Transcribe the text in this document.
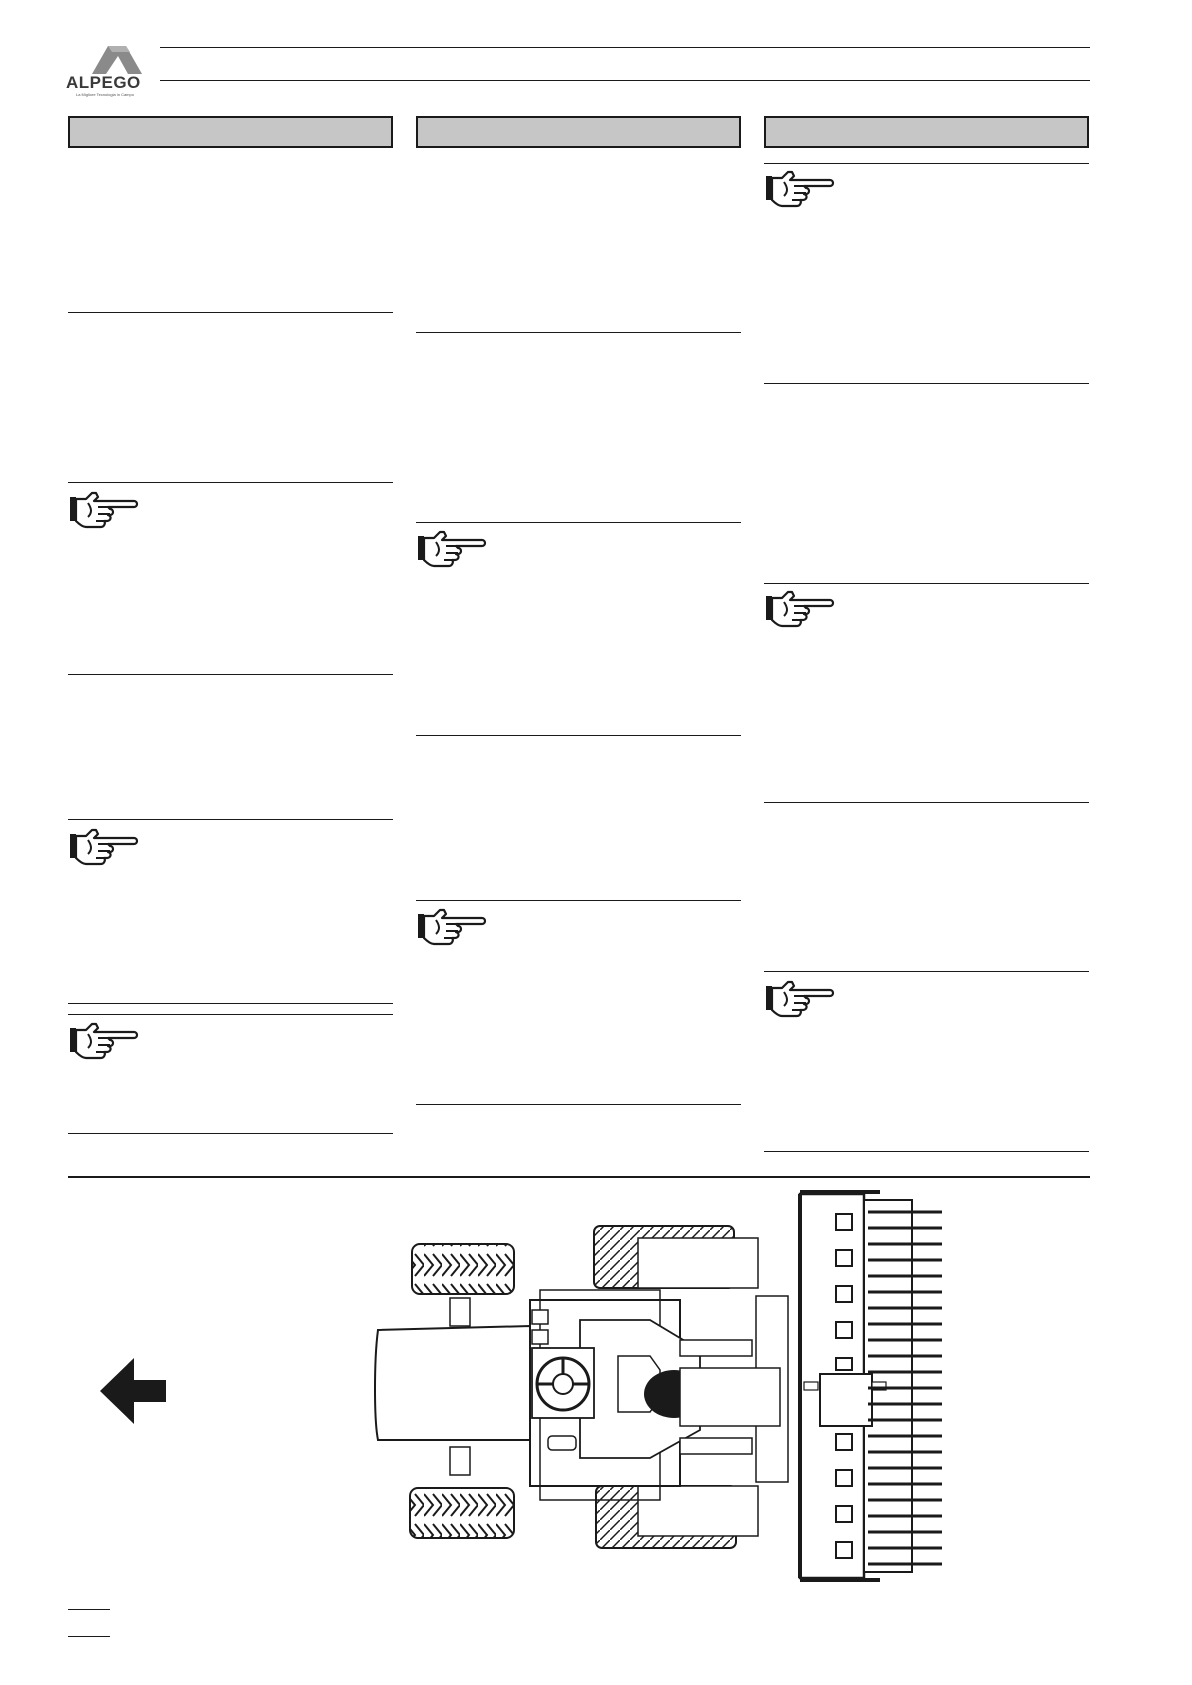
ALPEGO
La Migliore Tecnologia in Campo
